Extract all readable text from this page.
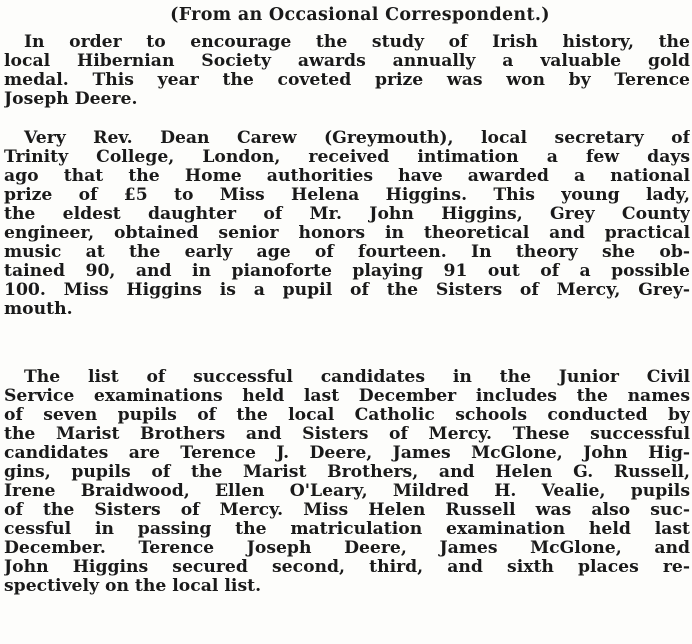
(From an Occasional Correspondent.)
In order to encourage the study of Irish history, the
local Hibernian Society awards annually a valuable gold
medal. This year the coveted prize was won by Terence
Joseph Deere.
Very Rev. Dean Carew (Greymouth), local secretary of
Trinity College, London, received intimation a few days
ago that the Home authorities have awarded a national
prize of £5 to Miss Helena Higgins. This young lady,
the eldest daughter of Mr. John Higgins, Grey County
engineer, obtained senior honors in theoretical and practical
music at the early age of fourteen. In theory she ob-
tained 90, and in pianoforte playing 91 out of a possible
100. Miss Higgins is a pupil of the Sisters of Mercy, Grey-
mouth.
The list of successful candidates in the Junior Civil
Service examinations held last December includes the names
of seven pupils of the local Catholic schools conducted by
the Marist Brothers and Sisters of Mercy. These successful
candidates are Terence J. Deere, James McGlone, John Hig-
gins, pupils of the Marist Brothers, and Helen G. Russell,
Irene Braidwood, Ellen O'Leary, Mildred H. Vealie, pupils
of the Sisters of Mercy. Miss Helen Russell was also suc-
cessful in passing the matriculation examination held last
December. Terence Joseph Deere, James McGlone, and
John Higgins secured second, third, and sixth places re-
spectively on the local list.
